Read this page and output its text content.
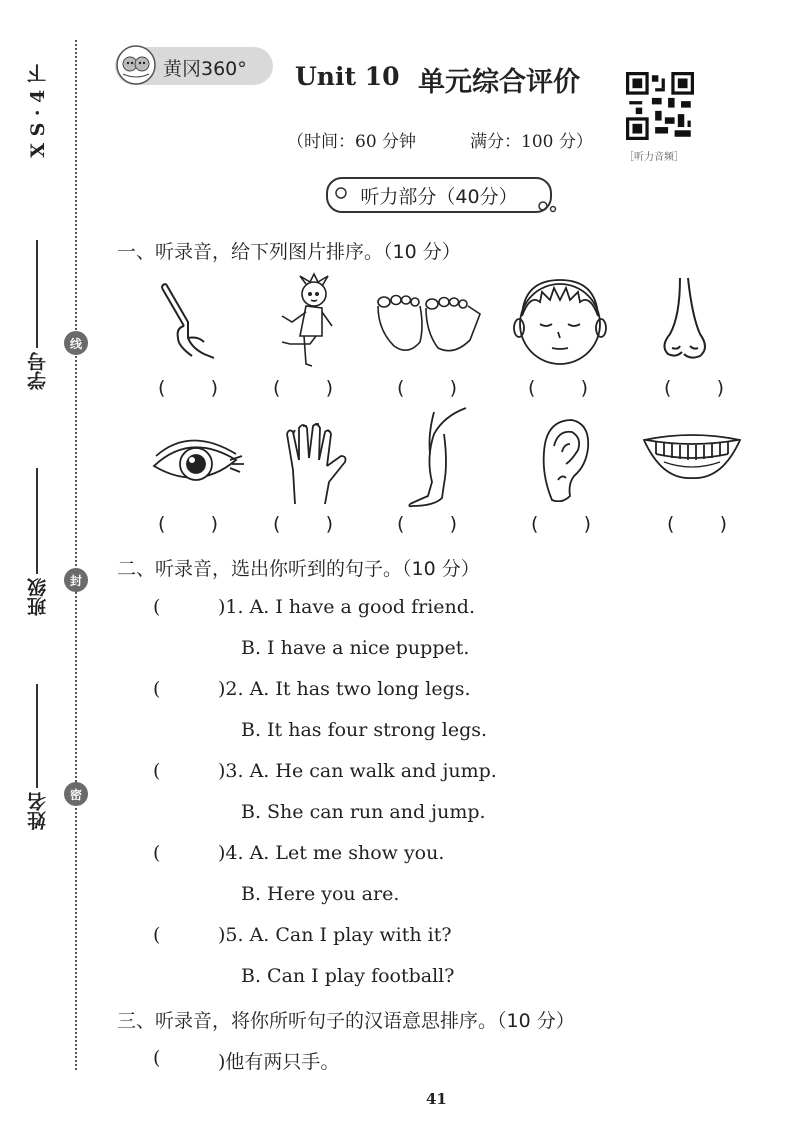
X S · 4 下
学号
班级
姓名
线
封
密
黄冈360° Unit 10 单元综合评价
（时间：60 分钟	满分：100 分）
［听力音频］
听力部分（40分）
一、听录音，给下列图片排序。（10 分）
( )	( )	( )	( )	( )
( )	( )	( )	( )	( )
二、听录音，选出你听到的句子。（10 分）
(	)1. A. I have a good friend.
B. I have a nice puppet.
(	)2. A. It has two long legs.
B. It has four strong legs.
(	)3. A. He can walk and jump.
B. She can run and jump.
(	)4. A. Let me show you.
B. Here you are.
(	)5. A. Can I play with it?
B. Can I play football?
三、听录音，将你所听句子的汉语意思排序。（10 分）
(	)他有两只手。
41
